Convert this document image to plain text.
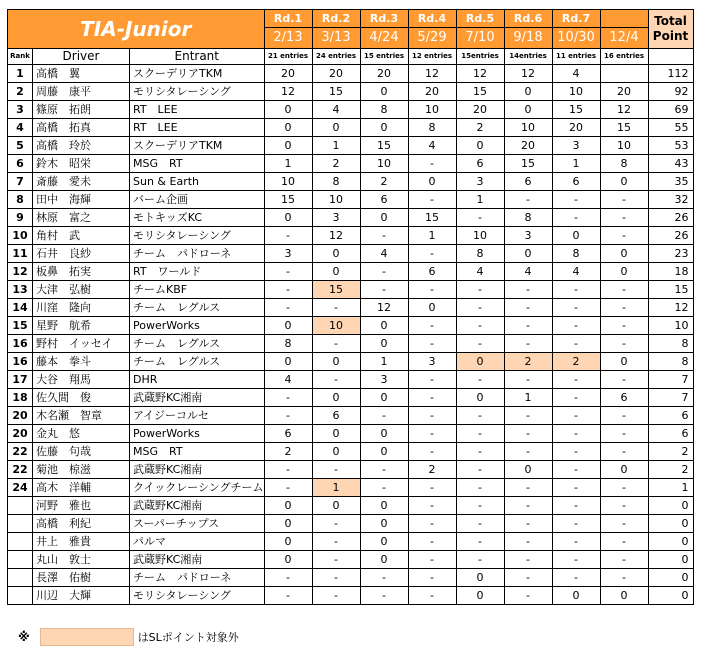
TIA-Junior			Rd.1	Rd.2	Rd.3	Rd.4	Rd.5	Rd.6	Rd.7		Total
Point
			2/13	3/13	4/24	5/29	7/10	9/18	10/30	12/4	
Rank	Driver	Entrant	21 entries	24 entries	15 entries	12 entries	15entries	14entries	11 entries	16 entries	
1	高橋　翼	スクーデリアTKM	20	20	20	12	12	12	4		112
2	周藤　康平	モリシタレーシング	12	15	0	20	15	0	10	20	92
3	篠原　拓朗	RT　LEE	0	4	8	10	20	0	15	12	69
4	高橋　拓真	RT　LEE	0	0	0	8	2	10	20	15	55
5	高橋　玲於	スクーデリアTKM	0	1	15	4	0	20	3	10	53
6	鈴木　昭栄	MSG　RT	1	2	10	-	6	15	1	8	43
7	斎藤　愛未	Sun & Earth	10	8	2	0	3	6	6	0	35
8	田中　海輝	バーム企画	15	10	6	-	1	-	-	-	32
9	林原　富之	モトキッズKC	0	3	0	15	-	8	-	-	26
10	角村　武	モリシタレーシング	-	12	-	1	10	3	0	-	26
11	石井　良紗	チーム　パドローネ	3	0	4	-	8	0	8	0	23
12	板鼻　拓実	RT　ワールド	-	0	-	6	4	4	4	0	18
13	大津　弘樹	チームKBF	-	15	-	-	-	-	-	-	15
14	川窪　隆向	チーム　レグルス	-	-	12	0	-	-	-	-	12
15	星野　航希	PowerWorks	0	10	0	-	-	-	-	-	10
16	野村　イッセイ	チーム　レグルス	8	-	0	-	-	-	-	-	8
16	藤本　拳斗	チーム　レグルス	0	0	1	3	0	2	2	0	8
17	大谷　翔馬	DHR	4	-	3	-	-	-	-	-	7
18	佐久間　俊	武蔵野KC湘南	-	0	0	-	0	1	-	6	7
20	木名瀬　智章	アイジーコルセ	-	6	-	-	-	-	-	-	6
20	金丸　悠	PowerWorks	6	0	0	-	-	-	-	-	6
22	佐藤　句哉	MSG　RT	2	0	0	-	-	-	-	-	2
22	菊池　椋滋	武蔵野KC湘南	-	-	-	2	-	0	-	0	2
24	高木　洋輔	クイックレーシングチーム	-	1	-	-	-	-	-	-	1
	河野　雅也	武蔵野KC湘南	0	0	0	-	-	-	-	-	0
	高橋　利紀	スーパーチップス	0	-	0	-	-	-	-	-	0
	井上　雅貴	パルマ	0	-	0	-	-	-	-	-	0
	丸山　敦士	武蔵野KC湘南	0	-	0	-	-	-	-	-	0
	長澤　佑樹	チーム　パドローネ	-	-	-	-	0	-	-	-	0
	川辺　大輝	モリシタレーシング	-	-	-	-	0	-	0	0	0
※	はSLポイント対象外
